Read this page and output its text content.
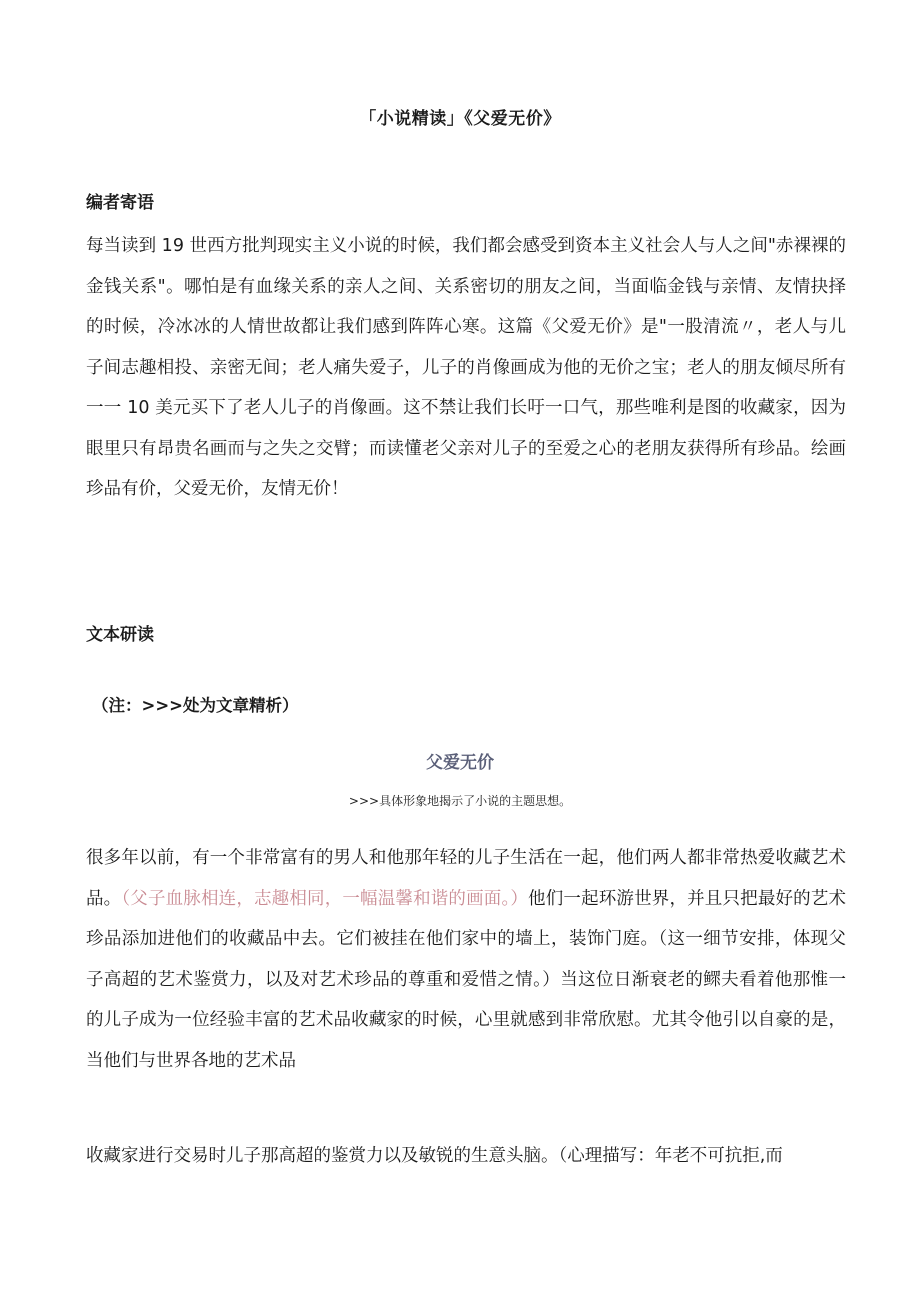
「小说精读」《父爱无价》
编者寄语

每当读到 19 世西方批判现实主义小说的时候，我们都会感受到资本主义社会人与人之间"赤裸裸的金钱关系"。哪怕是有血缘关系的亲人之间、关系密切的朋友之间，当面临金钱与亲情、友情抉择的时候，冷冰冰的人情世故都让我们感到阵阵心寒。这篇《父爱无价》是"一股清流〃，老人与儿子间志趣相投、亲密无间；老人痛失爱子，儿子的肖像画成为他的无价之宝；老人的朋友倾尽所有一一 10 美元买下了老人儿子的肖像画。这不禁让我们长吁一口气，那些唯利是图的收藏家，因为眼里只有昂贵名画而与之失之交臂；而读懂老父亲对儿子的至爱之心的老朋友获得所有珍品。绘画珍品有价，父爱无价，友情无价！

文本研读
（注：>>>处为文章精析）
父爱无价
>>>具体形象地揭示了小说的主题思想。

很多年以前，有一个非常富有的男人和他那年轻的儿子生活在一起，他们两人都非常热爱收藏艺术品。（父子血脉相连，志趣相同，一幅温馨和谐的画面。）他们一起环游世界，并且只把最好的艺术珍品添加进他们的收藏品中去。它们被挂在他们家中的墙上，装饰门庭。（这一细节安排，体现父子高超的艺术鉴赏力，以及对艺术珍品的尊重和爱惜之情。）当这位日渐衰老的鳏夫看着他那惟一的儿子成为一位经验丰富的艺术品收藏家的时候，心里就感到非常欣慰。尤其令他引以自豪的是，当他们与世界各地的艺术品

收藏家进行交易时儿子那高超的鉴赏力以及敏锐的生意头脑。（心理描写：年老不可抗拒,而
